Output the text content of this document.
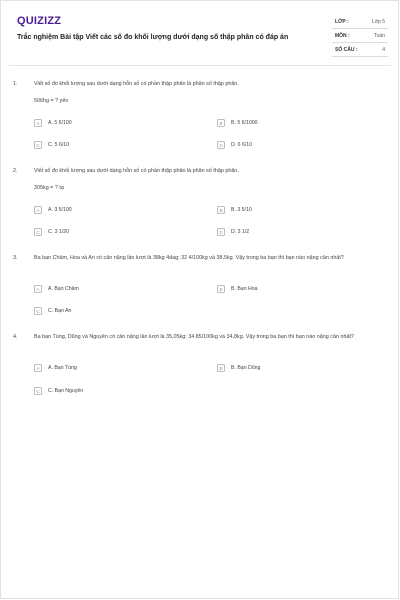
QUIZIZZ
Trắc nghiệm Bài tập Viết các số đo khối lượng dưới dạng số thập phân có đáp án
LỚP :	Lớp 5
MÔN :	Toán
SỐ CÂU :	4
1.	Viết số đo khối lượng sau dưới dạng hỗn số có phần thập phân là phân số thập phân.
506hg = ? yến
A	A. 5 6/100	B	B. 5 6/1000
C	C. 5 6/10	D	D. 6 6/10
2.	Viết số đo khối lượng sau dưới dạng hỗn số có phần thập phân là phân số thập phân.
305kg = ? tạ
A	A. 3 5/100	B	B. 3 5/10
C	C. 3 1/20	D	D. 3 1/2
3.	Ba bạn Châm, Hoa và An có cân nặng lần lượt là 38kg 4dag; 32 4/100kg và 38,5kg. Vậy trong ba bạn thì bạn nào nặng cân nhất?
A	A. Bạn Châm	B	B. Bạn Hoa
C	C. Bạn An
4.	Ba bạn Tùng, Dũng và Nguyên có cân nặng lần lượt là 35,05kg; 34 85/100kg và 34,8kg. Vậy trong ba bạn thì bạn nào nặng cân nhất?
A	A. Bạn Tùng	B	B. Bạn Dũng
C	C. Bạn Nguyên
